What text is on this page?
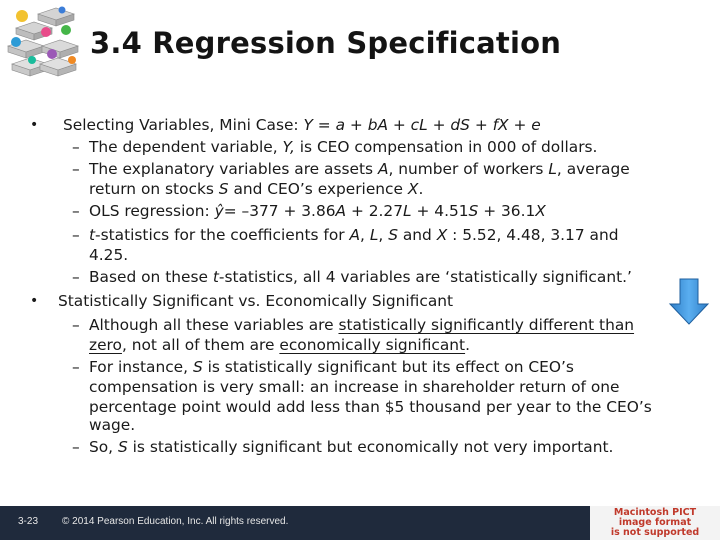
3.4 Regression Specification
• Selecting Variables, Mini Case: Y = a + bA + cL + dS + fX + e
– The dependent variable, Y, is CEO compensation in 000 of dollars.
– The explanatory variables are assets A, number of workers L, average
return on stocks S and CEO’s experience X.
– OLS regression: ŷ= –377 + 3.86A + 2.27L + 4.51S + 36.1X
– t-statistics for the coefficients for A, L, S and X : 5.52, 4.48, 3.17 and
4.25.
– Based on these t-statistics, all 4 variables are ‘statistically significant.’
• Statistically Significant vs. Economically Significant
– Although all these variables are statistically significantly different than
zero, not all of them are economically significant.
– For instance, S is statistically significant but its effect on CEO’s
compensation is very small: an increase in shareholder return of one
percentage point would add less than $5 thousand per year to the CEO’s
wage.
– So, S is statistically significant but economically not very important.
3-23 © 2014 Pearson Education, Inc. All rights reserved.
Macintosh PICT
image format
is not supported
